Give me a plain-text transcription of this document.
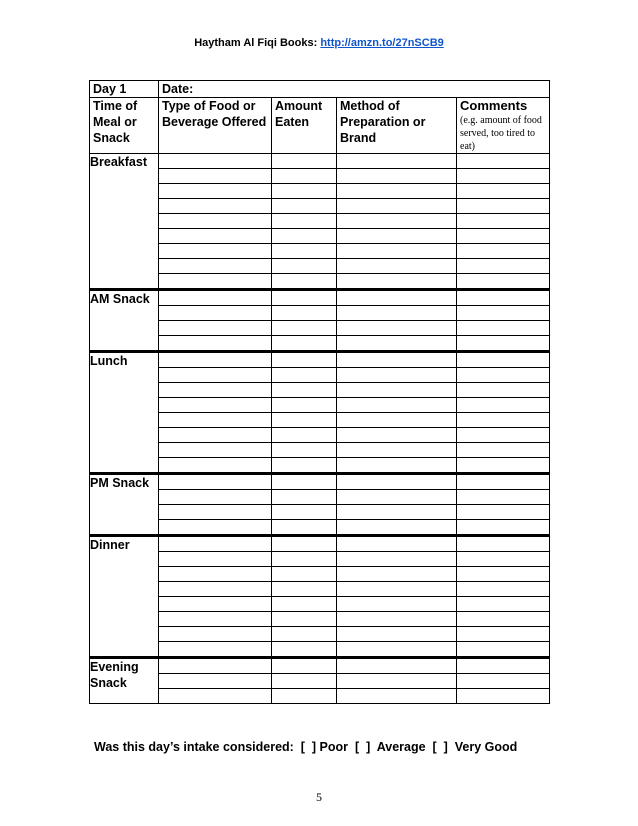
Haytham Al Fiqi Books: http://amzn.to/27nSCB9
Day 1	Date:			
Time of Meal or Snack	Type of Food or Beverage Offered	Amount Eaten	Method of Preparation or Brand	Comments
(e.g. amount of food served, too tired to eat)

Breakfast				

AM Snack				

Lunch				

PM Snack				

Dinner				

Evening Snack				

Was this day’s intake considered: [  ] Poor  [  ]  Average  [  ]  Very Good
5
